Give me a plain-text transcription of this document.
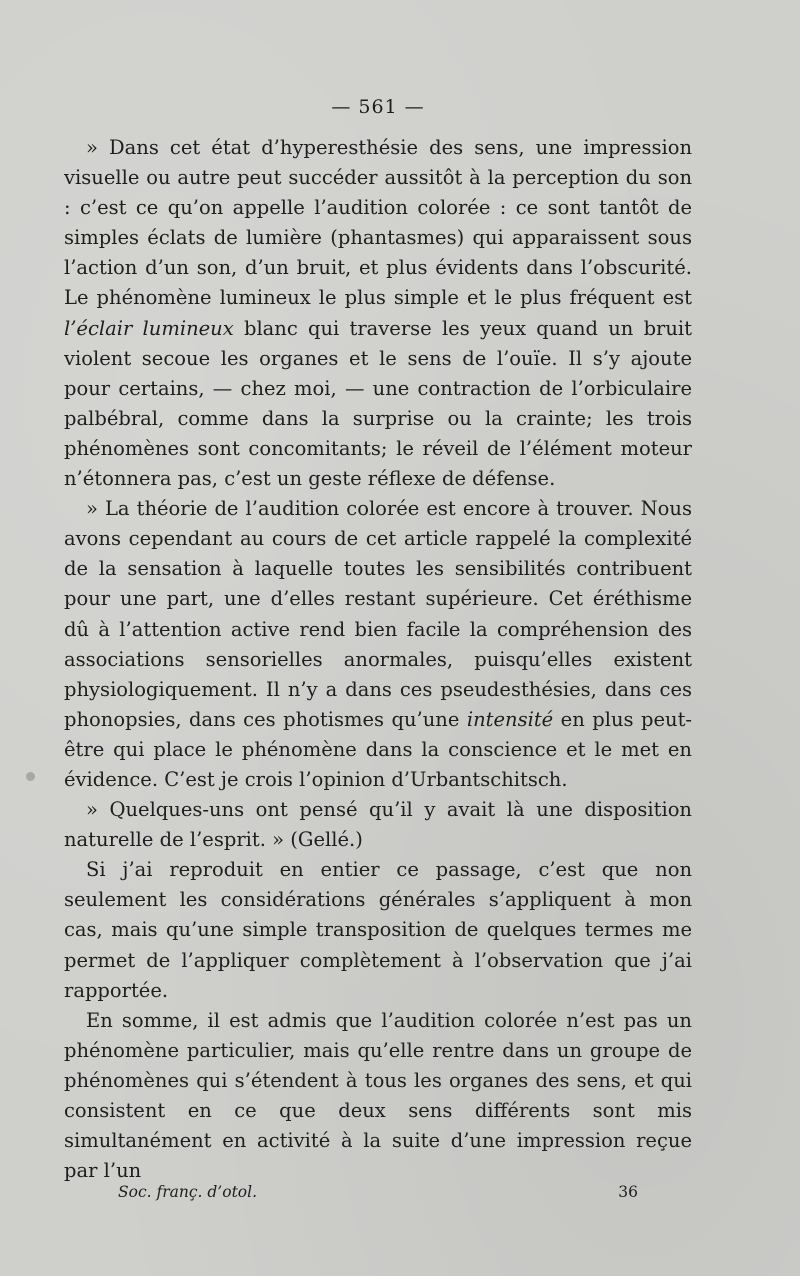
— 561 —

» Dans cet état d’hyperesthésie des sens, une impression visuelle ou autre peut succéder aussitôt à la perception du son : c’est ce qu’on appelle l’audition colorée : ce sont tantôt de simples éclats de lumière (phantasmes) qui apparaissent sous l’action d’un son, d’un bruit, et plus évidents dans l’obscurité. Le phénomène lumineux le plus simple et le plus fréquent est l’éclair lumineux blanc qui traverse les yeux quand un bruit violent secoue les organes et le sens de l’ouïe. Il s’y ajoute pour certains, — chez moi, — une contraction de l’orbiculaire palbébral, comme dans la surprise ou la crainte; les trois phénomènes sont concomitants; le réveil de l’élément moteur n’étonnera pas, c’est un geste réflexe de défense.

» La théorie de l’audition colorée est encore à trouver. Nous avons cependant au cours de cet article rappelé la complexité de la sensation à laquelle toutes les sensibilités contribuent pour une part, une d’elles restant supérieure. Cet éréthisme dû à l’attention active rend bien facile la compréhension des associations sensorielles anormales, puisqu’elles existent physiologiquement. Il n’y a dans ces pseudesthésies, dans ces phonopsies, dans ces photismes qu’une intensité en plus peut-être qui place le phénomène dans la conscience et le met en évidence. C’est je crois l’opinion d’Urbantschitsch.

» Quelques-uns ont pensé qu’il y avait là une disposition naturelle de l’esprit. » (Gellé.)

Si j’ai reproduit en entier ce passage, c’est que non seulement les considérations générales s’appliquent à mon cas, mais qu’une simple transposition de quelques termes me permet de l’appliquer complètement à l’observation que j’ai rapportée.

En somme, il est admis que l’audition colorée n’est pas un phénomène particulier, mais qu’elle rentre dans un groupe de phénomènes qui s’étendent à tous les organes des sens, et qui consistent en ce que deux sens différents sont mis simultanément en activité à la suite d’une impression reçue par l’un

Soc. franç. d’otol.	36
